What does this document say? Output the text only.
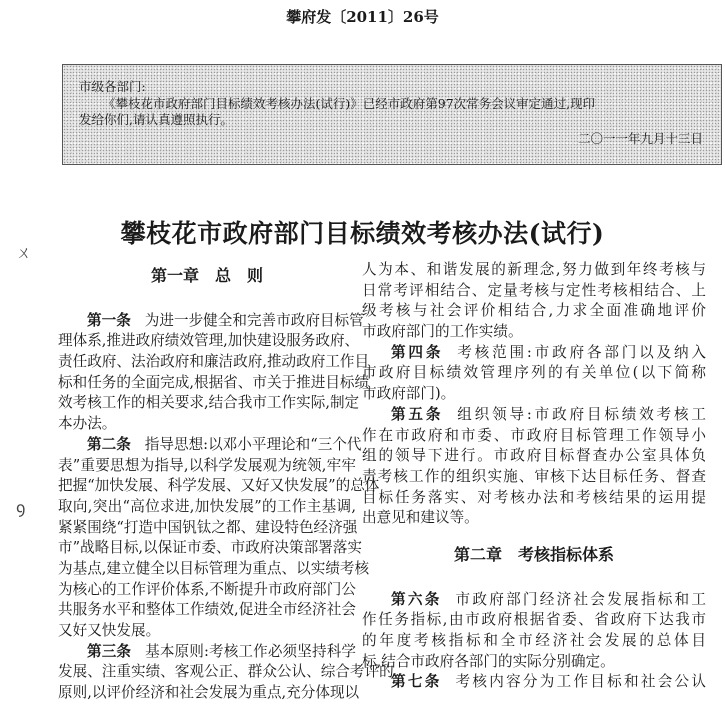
攀府发〔2011〕26号
市级各部门:
《攀枝花市政府部门目标绩效考核办法(试行)》已经市政府第97次常务会议审定通过,现印
发给你们,请认真遵照执行。
二〇一一年九月十三日
攀枝花市政府部门目标绩效考核办法(试行)
ㄨ
ꝯ
第一章　总　则
第一条 为进一步健全和完善市政府目标管
理体系,推进政府绩效管理,加快建设服务政府、
责任政府、法治政府和廉洁政府,推动政府工作目
标和任务的全面完成,根据省、市关于推进目标绩
效考核工作的相关要求,结合我市工作实际,制定
本办法。
第二条 指导思想:以邓小平理论和“三个代
表”重要思想为指导,以科学发展观为统领,牢牢
把握“加快发展、科学发展、又好又快发展”的总体
取向,突出“高位求进,加快发展”的工作主基调,
紧紧围绕“打造中国钒钛之都、建设特色经济强
市”战略目标,以保证市委、市政府决策部署落实
为基点,建立健全以目标管理为重点、以实绩考核
为核心的工作评价体系,不断提升市政府部门公
共服务水平和整体工作绩效,促进全市经济社会
又好又快发展。
第三条 基本原则:考核工作必须坚持科学
发展、注重实绩、客观公正、群众公认、综合考评的
原则,以评价经济和社会发展为重点,充分体现以
人为本、和谐发展的新理念,努力做到年终考核与
日常考评相结合、定量考核与定性考核相结合、上
级考核与社会评价相结合,力求全面准确地评价
市政府部门的工作实绩。
第四条 考核范围:市政府各部门以及纳入
市政府目标绩效管理序列的有关单位(以下简称
市政府部门)。
第五条 组织领导:市政府目标绩效考核工
作在市政府和市委、市政府目标管理工作领导小
组的领导下进行。市政府目标督查办公室具体负
责考核工作的组织实施、审核下达目标任务、督查
目标任务落实、对考核办法和考核结果的运用提
出意见和建议等。
第二章　考核指标体系
第六条 市政府部门经济社会发展指标和工
作任务指标,由市政府根据省委、省政府下达我市
的年度考核指标和全市经济社会发展的总体目
标,结合市政府各部门的实际分别确定。
第七条 考核内容分为工作目标和社会公认
